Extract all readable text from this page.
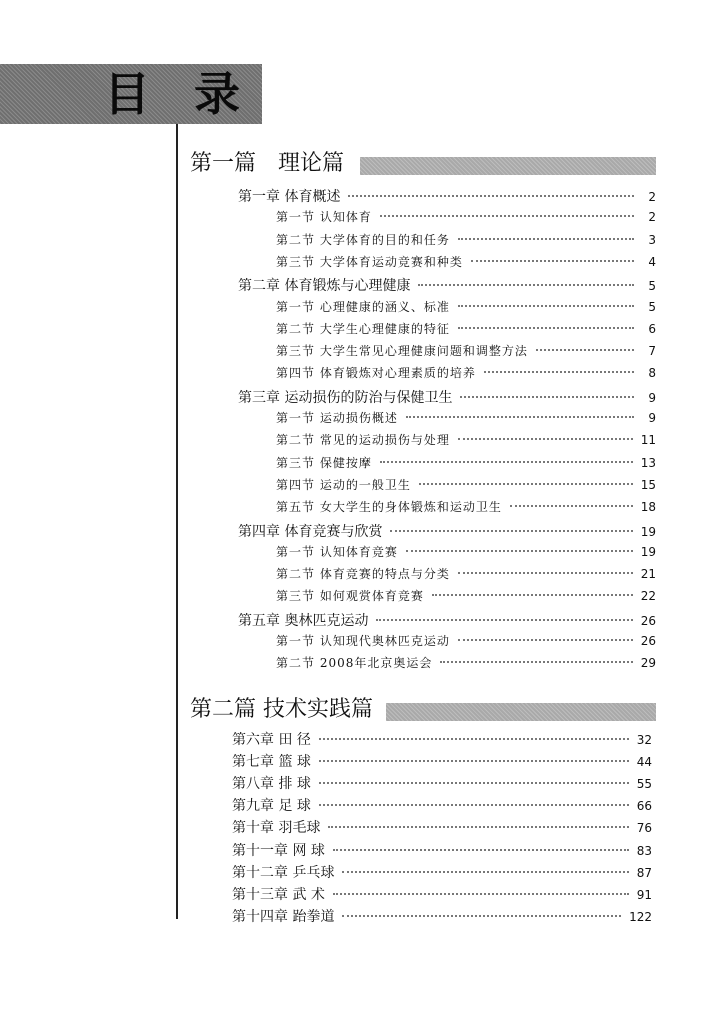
目 录
第一篇　理论篇
第一章 体育概述	2
第一节 认知体育	2
第二节 大学体育的目的和任务	3
第三节 大学体育运动竞赛和种类	4
第二章 体育锻炼与心理健康	5
第一节 心理健康的涵义、标准	5
第二节 大学生心理健康的特征	6
第三节 大学生常见心理健康问题和调整方法	7
第四节 体育锻炼对心理素质的培养	8
第三章 运动损伤的防治与保健卫生	9
第一节 运动损伤概述	9
第二节 常见的运动损伤与处理	11
第三节 保健按摩	13
第四节 运动的一般卫生	15
第五节 女大学生的身体锻炼和运动卫生	18
第四章 体育竞赛与欣赏	19
第一节 认知体育竞赛	19
第二节 体育竞赛的特点与分类	21
第三节 如何观赏体育竞赛	22
第五章 奥林匹克运动	26
第一节 认知现代奥林匹克运动	26
第二节 2008年北京奥运会	29
第二篇 技术实践篇
第六章 田 径	32
第七章 篮 球	44
第八章 排 球	55
第九章 足 球	66
第十章 羽毛球	76
第十一章 网 球	83
第十二章 乒乓球	87
第十三章 武 术	91
第十四章 跆拳道	122
